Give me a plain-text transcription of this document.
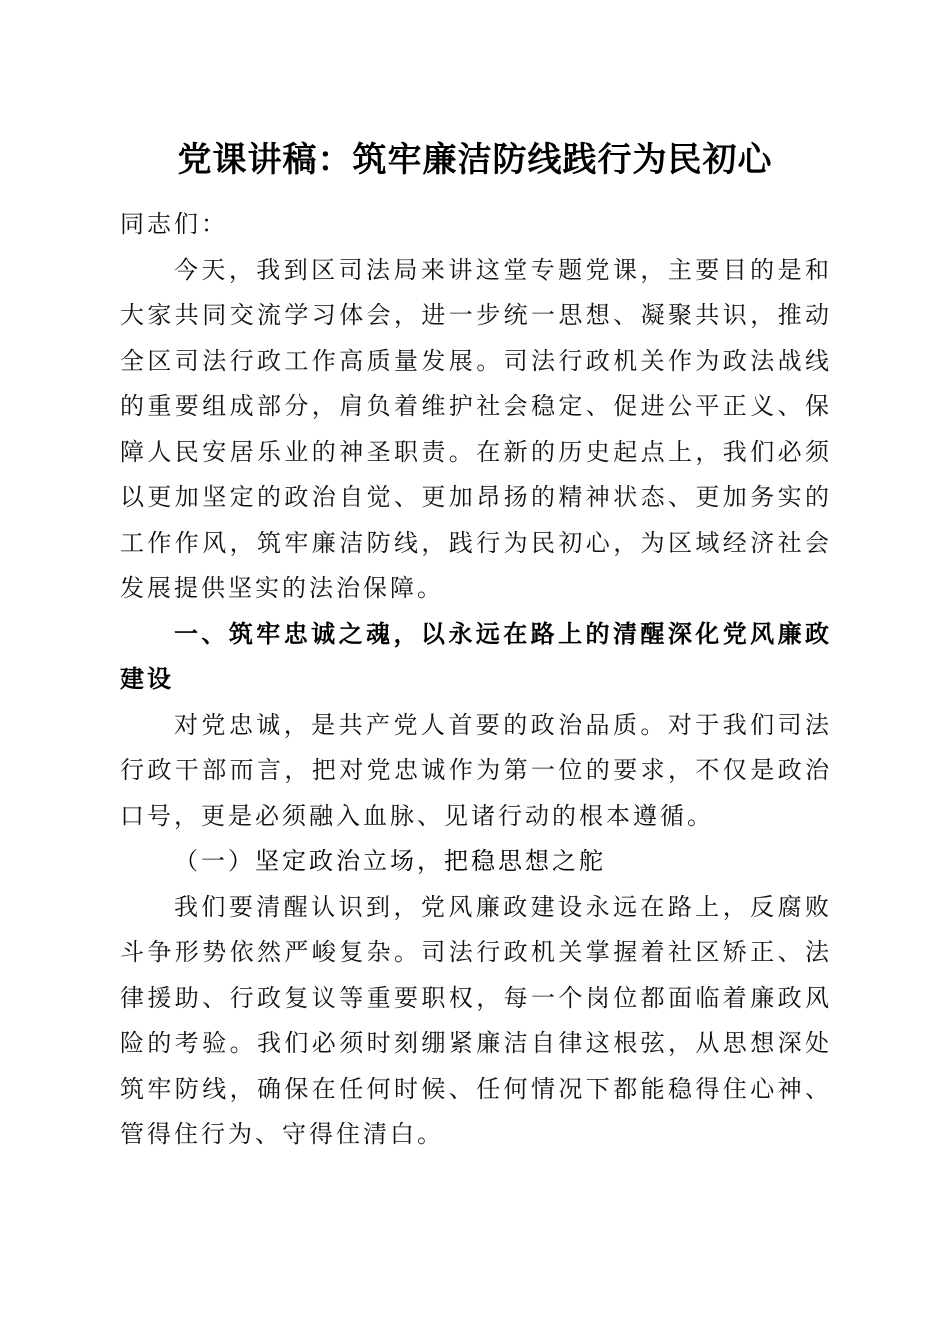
党课讲稿：筑牢廉洁防线践行为民初心

同志们：

今天，我到区司法局来讲这堂专题党课，主要目的是和大家共同交流学习体会，进一步统一思想、凝聚共识，推动全区司法行政工作高质量发展。司法行政机关作为政法战线的重要组成部分，肩负着维护社会稳定、促进公平正义、保障人民安居乐业的神圣职责。在新的历史起点上，我们必须以更加坚定的政治自觉、更加昂扬的精神状态、更加务实的工作作风，筑牢廉洁防线，践行为民初心，为区域经济社会发展提供坚实的法治保障。

一、筑牢忠诚之魂，以永远在路上的清醒深化党风廉政建设

对党忠诚，是共产党人首要的政治品质。对于我们司法行政干部而言，把对党忠诚作为第一位的要求，不仅是政治口号，更是必须融入血脉、见诸行动的根本遵循。

（一）坚定政治立场，把稳思想之舵

我们要清醒认识到，党风廉政建设永远在路上，反腐败斗争形势依然严峻复杂。司法行政机关掌握着社区矫正、法律援助、行政复议等重要职权，每一个岗位都面临着廉政风险的考验。我们必须时刻绷紧廉洁自律这根弦，从思想深处筑牢防线，确保在任何时候、任何情况下都能稳得住心神、管得住行为、守得住清白。
